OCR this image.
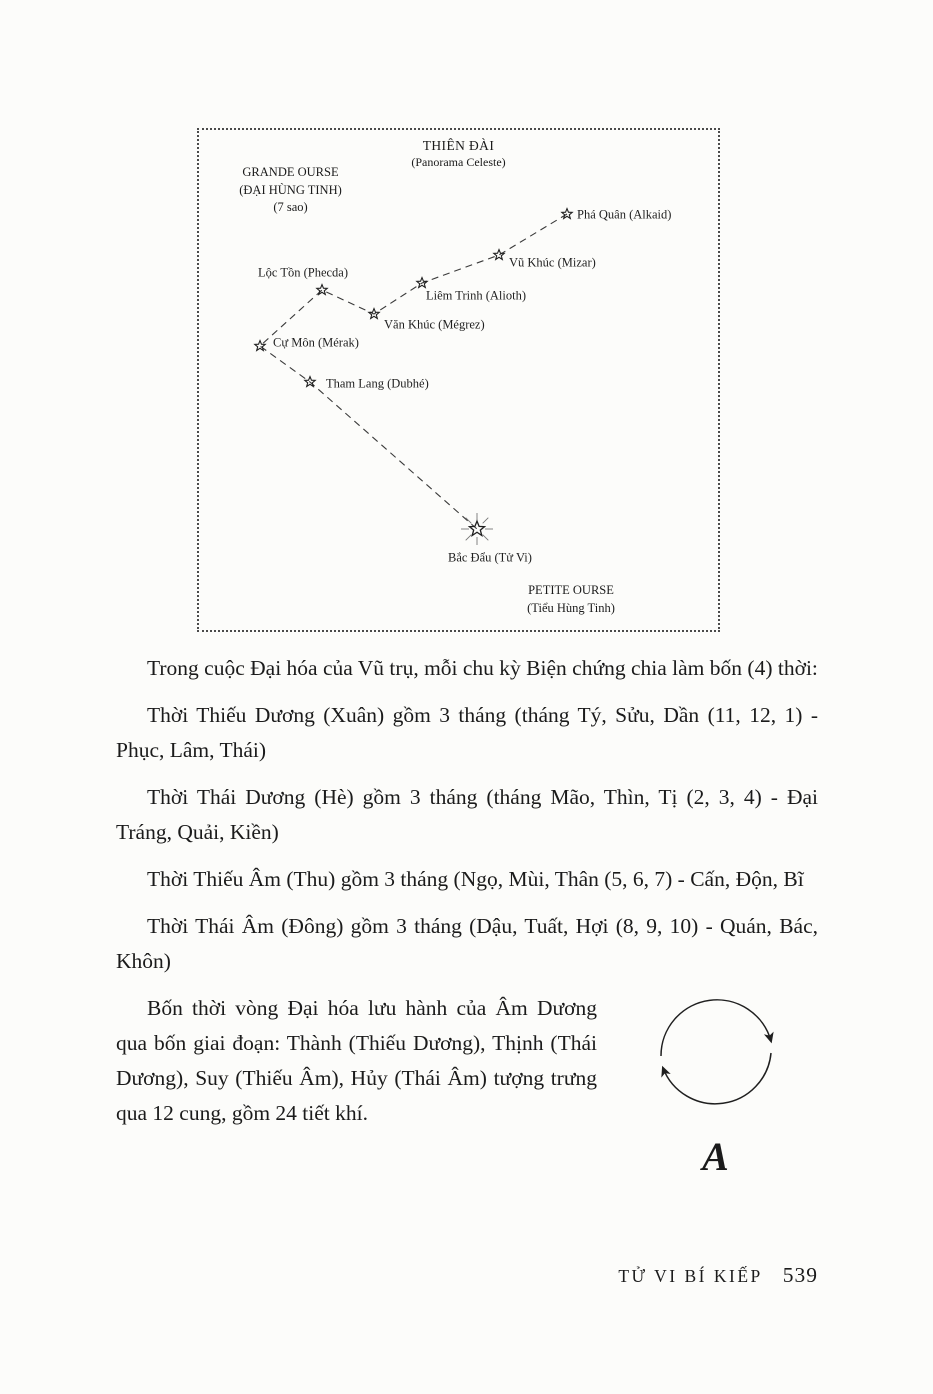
THIÊN ĐÀI
(Panorama Celeste)
GRANDE OURSE
(ĐẠI HÙNG TINH)
(7 sao)
PETITE OURSE
(Tiểu Hùng Tinh)
Phá Quân (Alkaid)
Vũ Khúc (Mizar)
Liêm Trinh (Alioth)
Lộc Tồn (Phecda)
Văn Khúc (Mégrez)
Cự Môn (Mérak)
Tham Lang (Dubhé)
Bắc Đẩu (Tử Vi)

Trong cuộc Đại hóa của Vũ trụ, mỗi chu kỳ Biện chứng chia làm bốn (4) thời:

Thời Thiếu Dương (Xuân) gồm 3 tháng (tháng Tý, Sửu, Dần (11, 12, 1) - Phục, Lâm, Thái)

Thời Thái Dương (Hè) gồm 3 tháng (tháng Mão, Thìn, Tị (2, 3, 4) - Đại Tráng, Quải, Kiền)

Thời Thiếu Âm (Thu) gồm 3 tháng (Ngọ, Mùi, Thân (5, 6, 7) - Cấn, Độn, Bĩ

Thời Thái Âm (Đông) gồm 3 tháng (Dậu, Tuất, Hợi (8, 9, 10) - Quán, Bác, Khôn)

A

Bốn thời vòng Đại hóa lưu hành của Âm Dương qua bốn giai đoạn: Thành (Thiếu Dương), Thịnh (Thái Dương), Suy (Thiếu Âm), Hủy (Thái Âm) tượng trưng qua 12 cung, gồm 24 tiết khí.

TỬ VI BÍ KIẾP 539
